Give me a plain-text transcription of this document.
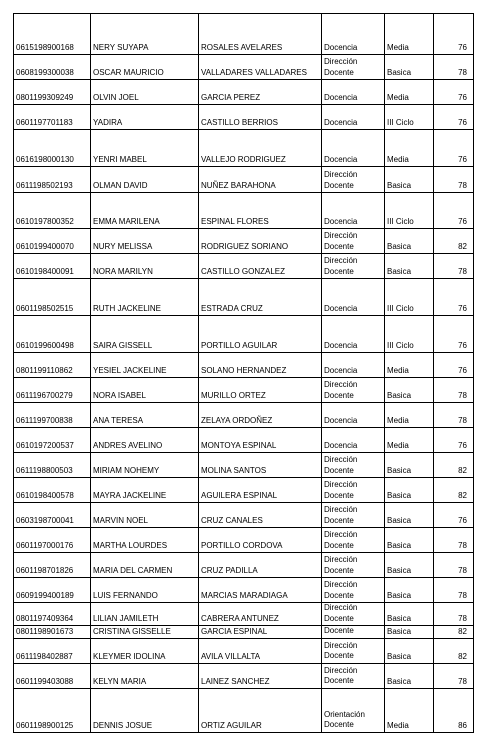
0615198900168	NERY SUYAPA	ROSALES AVELARES	Docencia	Media	76
0608199300038	OSCAR MAURICIO	VALLADARES VALLADARES	Dirección Docente	Basica	78
0801199309249	OLVIN JOEL	GARCIA PEREZ	Docencia	Media	76
0601197701183	YADIRA	CASTILLO BERRIOS	Docencia	III Ciclo	76
0616198000130	YENRI MABEL	VALLEJO RODRIGUEZ	Docencia	Media	76
0611198502193	OLMAN DAVID	NUÑEZ BARAHONA	Dirección Docente	Basica	78
0610197800352	EMMA MARILENA	ESPINAL FLORES	Docencia	III Ciclo	76
0610199400070	NURY MELISSA	RODRIGUEZ SORIANO	Dirección Docente	Basica	82
0610198400091	NORA MARILYN	CASTILLO GONZALEZ	Dirección Docente	Basica	78
0601198502515	RUTH JACKELINE	ESTRADA CRUZ	Docencia	III Ciclo	76
0610199600498	SAIRA GISSELL	PORTILLO AGUILAR	Docencia	III Ciclo	76
0801199110862	YESIEL JACKELINE	SOLANO HERNANDEZ	Docencia	Media	76
0611196700279	NORA ISABEL	MURILLO ORTEZ	Dirección Docente	Basica	78
0611199700838	ANA TERESA	ZELAYA ORDOÑEZ	Docencia	Media	78
0610197200537	ANDRES AVELINO	MONTOYA ESPINAL	Docencia	Media	76
0611198800503	MIRIAM NOHEMY	MOLINA SANTOS	Dirección Docente	Basica	82
0610198400578	MAYRA JACKELINE	AGUILERA ESPINAL	Dirección Docente	Basica	82
0603198700041	MARVIN NOEL	CRUZ CANALES	Dirección Docente	Basica	76
0601197000176	MARTHA LOURDES	PORTILLO CORDOVA	Dirección Docente	Basica	78
0601198701826	MARIA DEL CARMEN	CRUZ PADILLA	Dirección Docente	Basica	78
0609199400189	LUIS FERNANDO	MARCIAS MARADIAGA	Dirección Docente	Basica	78
0801197409364	LILIAN JAMILETH	CABRERA ANTUNEZ	Dirección Docente	Basica	78
0801198901673	CRISTINA GISSELLE	GARCIA ESPINAL	Docente	Basica	82
0611198402887	KLEYMER IDOLINA	AVILA VILLALTA	Dirección Docente	Basica	82
0601199403088	KELYN MARIA	LAINEZ SANCHEZ	Dirección Docente	Basica	78
0601198900125	DENNIS JOSUE	ORTIZ AGUILAR	Orientación Docente	Media	86
